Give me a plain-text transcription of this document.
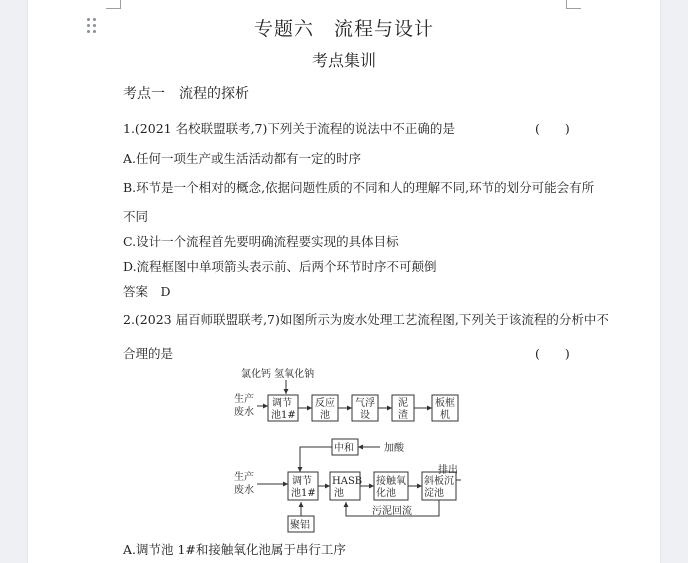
专题六　流程与设计
考点集训
考点一　流程的探析
1.(2021 名校联盟联考,7)下列关于流程的说法中不正确的是	(　　)
A.任何一项生产或生活活动都有一定的时序
B.环节是一个相对的概念,依据问题性质的不同和人的理解不同,环节的划分可能会有所
不同
C.设计一个流程首先要明确流程要实现的具体目标
D.流程框图中单项箭头表示前、后两个环节时序不可颠倒
答案　D
2.(2023 届百师联盟联考,7)如图所示为废水处理工艺流程图,下列关于该流程的分析中不
合理的是	(　　)
氯化钙 氢氧化钠
生产
废水
调节
池1#
反应
池
气浮
设
泥
渣
板框
机
中和	加酸
生产
废水
调节
池1#
HASB
池
接触氧
化池
斜板沉
淀池
排出
污泥回流
聚铝
A.调节池 1#和接触氧化池属于串行工序
